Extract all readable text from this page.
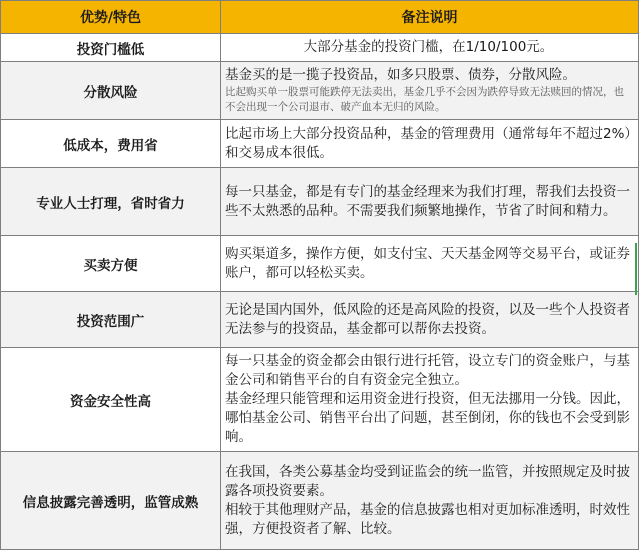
优势/特色	备注说明
投资门槛低	大部分基金的投资门槛，在1/10/100元。

分散风险	基金买的是一揽子投资品，如多只股票、债券，分散风险。

比起购买单一股票可能跌停无法卖出，基金几乎不会因为跌停导致无法赎回的情况，也不会出现一个公司退市、破产血本无归的风险。

低成本，费用省	比起市场上大部分投资品种，基金的管理费用（通常每年不超过2%）和交易成本很低。

专业人士打理，省时省力	每一只基金，都是有专门的基金经理来为我们打理，帮我们去投资一些不太熟悉的品种。不需要我们频繁地操作，节省了时间和精力。

买卖方便	购买渠道多，操作方便，如支付宝、天天基金网等交易平台，或证券账户，都可以轻松买卖。

投资范围广	无论是国内国外，低风险的还是高风险的投资，以及一些个人投资者无法参与的投资品，基金都可以帮你去投资。

资金安全性高	每一只基金的资金都会由银行进行托管，设立专门的资金账户，与基金公司和销售平台的自有资金完全独立。

基金经理只能管理和运用资金进行投资，但无法挪用一分钱。因此，哪怕基金公司、销售平台出了问题，甚至倒闭，你的钱也不会受到影响。

信息披露完善透明，监管成熟	在我国，各类公募基金均受到证监会的统一监管，并按照规定及时披露各项投资要素。

相较于其他理财产品，基金的信息披露也相对更加标准透明，时效性强，方便投资者了解、比较。
